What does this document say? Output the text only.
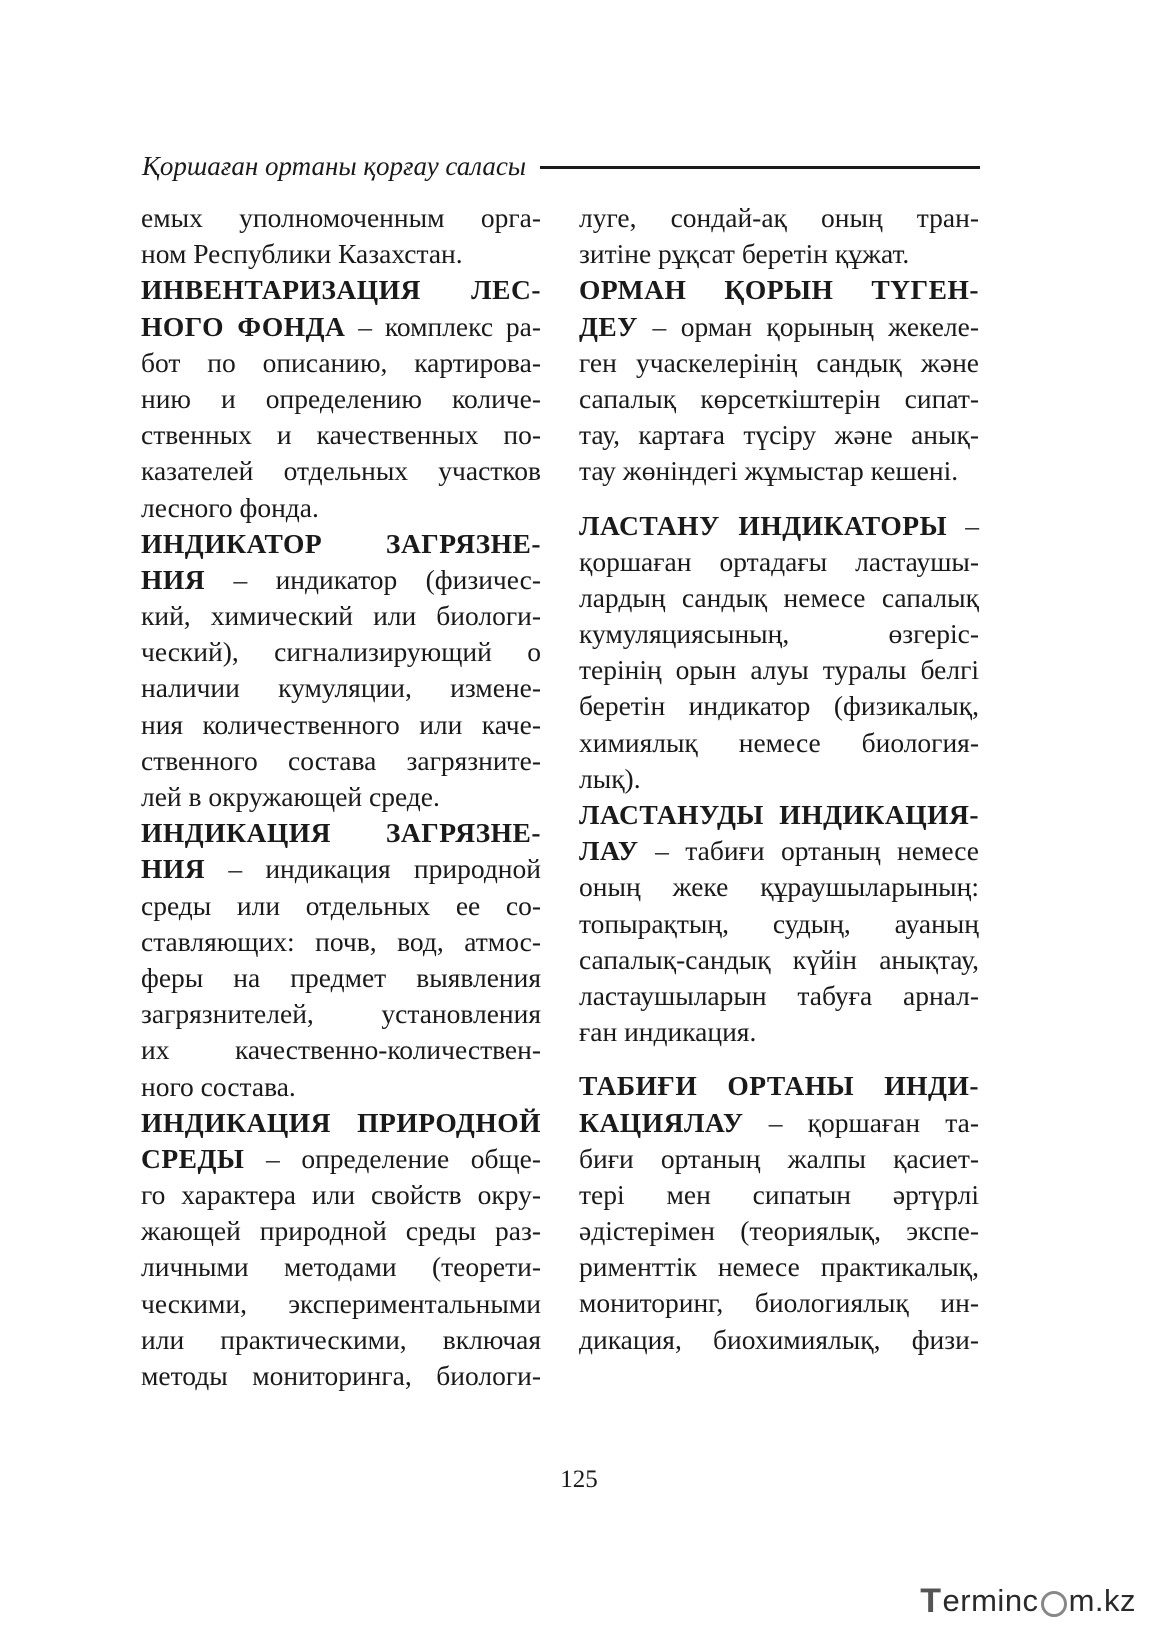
Қоршаған ортаны қорғау саласы
емых уполномоченным орга-
ном Республики Казахстан.
ИНВЕНТАРИЗАЦИЯ ЛЕС-
НОГО ФОНДА – комплекс ра-
бот по описанию, картирова-
нию и определению количе-
ственных и качественных по-
казателей отдельных участков
лесного фонда.
ИНДИКАТОР ЗАГРЯЗНЕ-
НИЯ – индикатор (физичес-
кий, химический или биологи-
ческий), сигнализирующий о
наличии кумуляции, измене-
ния количественного или каче-
ственного состава загрязните-
лей в окружающей среде.
ИНДИКАЦИЯ ЗАГРЯЗНЕ-
НИЯ – индикация природной
среды или отдельных ее со-
ставляющих: почв, вод, атмос-
феры на предмет выявления
загрязнителей, установления
их качественно-количествен-
ного состава.
ИНДИКАЦИЯ ПРИРОДНОЙ
СРЕДЫ – определение обще-
го характера или свойств окру-
жающей природной среды раз-
личными методами (теорети-
ческими, экспериментальными
или практическими, включая
методы мониторинга, биологи-
луге, сондай-ақ оның тран-
зитіне рұқсат беретін құжат.
ОРМАН ҚОРЫН ТҮГЕН-
ДЕУ – орман қорының жекеле-
ген учаскелерінің сандық және
сапалық көрсеткіштерін сипат-
тау, картаға түсіру және анық-
тау жөніндегі жұмыстар кешені.
ЛАСТАНУ ИНДИКАТОРЫ –
қоршаған ортадағы ластаушы-
лардың сандық немесе сапалық
кумуляциясының, өзгеріс-
терінің орын алуы туралы белгі
беретін индикатор (физикалық,
химиялық немесе биология-
лық).
ЛАСТАНУДЫ ИНДИКАЦИЯ-
ЛАУ – табиғи ортаның немесе
оның жеке құраушыларының:
топырақтың, судың, ауаның
сапалық-сандық күйін анықтау,
ластаушыларын табуға арнал-
ған индикация.
ТАБИҒИ ОРТАНЫ ИНДИ-
КАЦИЯЛАУ – қоршаған та-
биғи ортаның жалпы қасиет-
тері мен сипатын әртүрлі
әдістерімен (теориялық, экспе-
рименттік немесе практикалық,
мониторинг, биологиялық ин-
дикация, биохимиялық, физи-
125
T erminc m.kz
